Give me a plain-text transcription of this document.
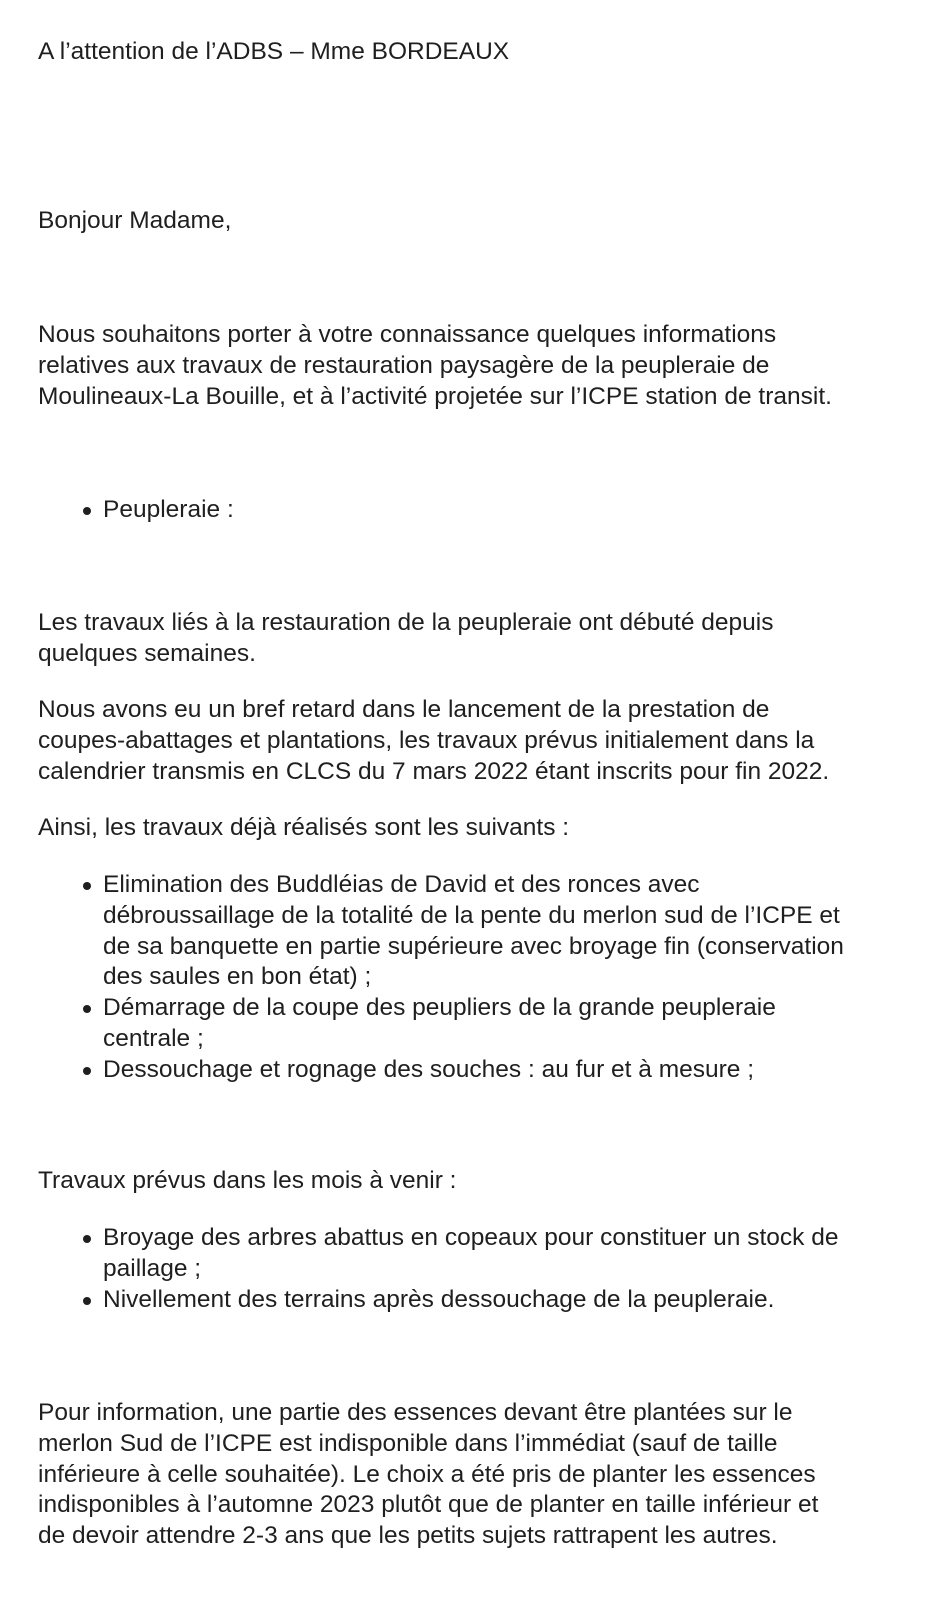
A l’attention de l’ADBS – Mme BORDEAUX

Bonjour Madame,

Nous souhaitons porter à votre connaissance quelques informations
relatives aux travaux de restauration paysagère de la peupleraie de
Moulineaux-La Bouille, et à l’activité projetée sur l’ICPE station de transit.

Peupleraie :

Les travaux liés à la restauration de la peupleraie ont débuté depuis
quelques semaines.

Nous avons eu un bref retard dans le lancement de la prestation de
coupes-abattages et plantations, les travaux prévus initialement dans la
calendrier transmis en CLCS du 7 mars 2022 étant inscrits pour fin 2022.

Ainsi, les travaux déjà réalisés sont les suivants :

Elimination des Buddléias de David et des ronces avec
débroussaillage de la totalité de la pente du merlon sud de l’ICPE et
de sa banquette en partie supérieure avec broyage fin (conservation
des saules en bon état) ;
Démarrage de la coupe des peupliers de la grande peupleraie
centrale ;
Dessouchage et rognage des souches : au fur et à mesure ;

Travaux prévus dans les mois à venir :

Broyage des arbres abattus en copeaux pour constituer un stock de
paillage ;
Nivellement des terrains après dessouchage de la peupleraie.

Pour information, une partie des essences devant être plantées sur le
merlon Sud de l’ICPE est indisponible dans l’immédiat (sauf de taille
inférieure à celle souhaitée). Le choix a été pris de planter les essences
indisponibles à l’automne 2023 plutôt que de planter en taille inférieur et
de devoir attendre 2-3 ans que les petits sujets rattrapent les autres.
